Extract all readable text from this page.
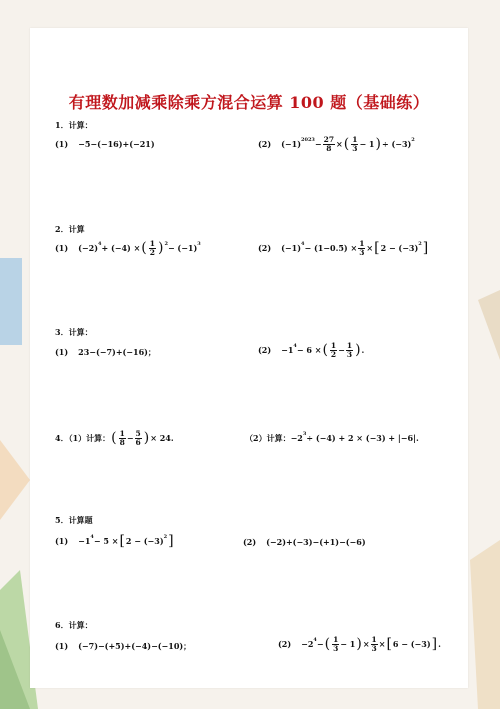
有理数加减乘除乘方混合运算 100 题（基础练）
1．计算：
(1) −5−(−16)+(−21)	(2) (−1) $2023 - \frac{27}{8}$ × ( $\frac{1}{3} - 1$ ) ÷ (−3) 2
2．计算
(1) (−2) 4 + (−4) × ( $\frac{1}{2}$ ) 2 − (−1) 3	(2) (−1) $4 - (1-0.5) \times \frac{1}{3}$ × [ 2 − (−3) 2 ]
3．计算：
(1) 23−(−7)+(−16)；	(2) −1 4 − 6 × ( $\frac{1}{2} - \frac{1}{3}$ ) .
4．（1）计算： ( $\frac{1}{8} - \frac{5}{6}$ ) × 24.	（2）计算： −2 3 ÷ (−4) + 2 × (−3) + |−6|.
5．计算题
(1) −1 4 − 5 × [ 2 − (−3) 2 ]	(2) (−2)+(−3)−(+1)−(−6)
6．计算：
(1) (−7)−(+5)+(−4)−(−10)；	(2) −2 4 − ( $\frac{1}{3} - 1$ ) × $\frac{1}{3}$ × [ 6 − (−3) ] .
